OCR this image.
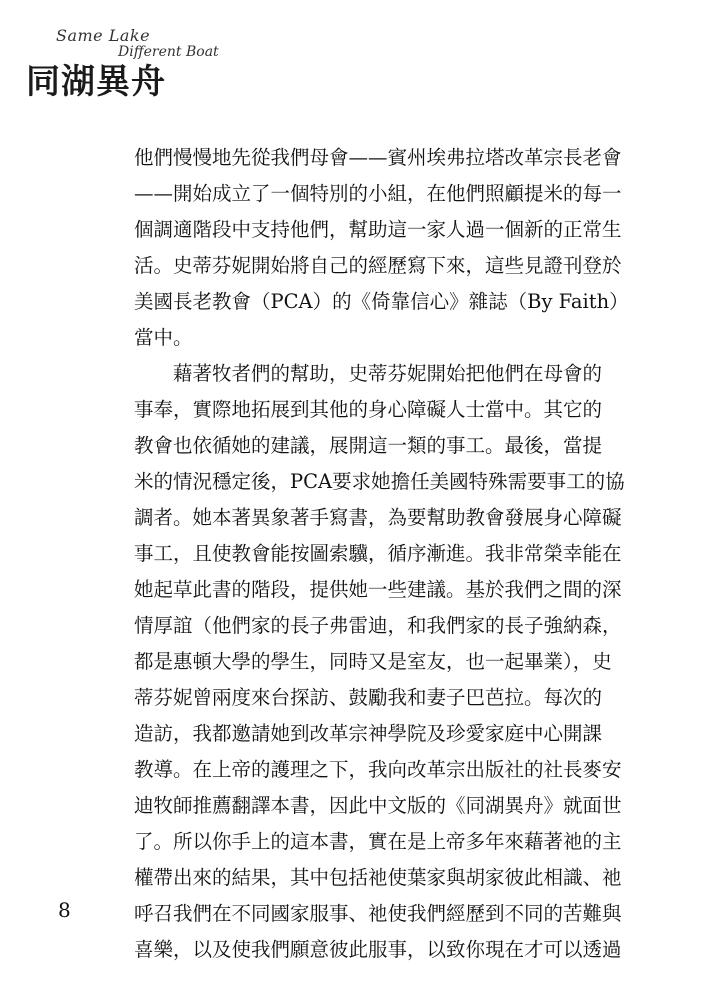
Same Lake
Different Boat
同湖異舟
他們慢慢地先從我們母會——賓州埃弗拉塔改革宗長老會
——開始成立了一個特別的小組，在他們照顧提米的每一
個調適階段中支持他們，幫助這一家人過一個新的正常生
活。史蒂芬妮開始將自己的經歷寫下來，這些見證刊登於
美國長老教會（PCA）的《倚靠信心》雜誌（By Faith）
當中。
　　藉著牧者們的幫助，史蒂芬妮開始把他們在母會的
事奉，實際地拓展到其他的身心障礙人士當中。其它的
教會也依循她的建議，展開這一類的事工。最後，當提
米的情況穩定後，PCA要求她擔任美國特殊需要事工的協
調者。她本著異象著手寫書，為要幫助教會發展身心障礙
事工，且使教會能按圖索驥，循序漸進。我非常榮幸能在
她起草此書的階段，提供她一些建議。基於我們之間的深
情厚誼（他們家的長子弗雷迪，和我們家的長子強納森，
都是惠頓大學的學生，同時又是室友，也一起畢業），史
蒂芬妮曾兩度來台探訪、鼓勵我和妻子巴芭拉。每次的
造訪，我都邀請她到改革宗神學院及珍愛家庭中心開課
教導。在上帝的護理之下，我向改革宗出版社的社長麥安
迪牧師推薦翻譯本書，因此中文版的《同湖異舟》就面世
了。所以你手上的這本書，實在是上帝多年來藉著祂的主
權帶出來的結果，其中包括祂使葉家與胡家彼此相識、祂
呼召我們在不同國家服事、祂使我們經歷到不同的苦難與
喜樂，以及使我們願意彼此服事，以致你現在才可以透過
8
